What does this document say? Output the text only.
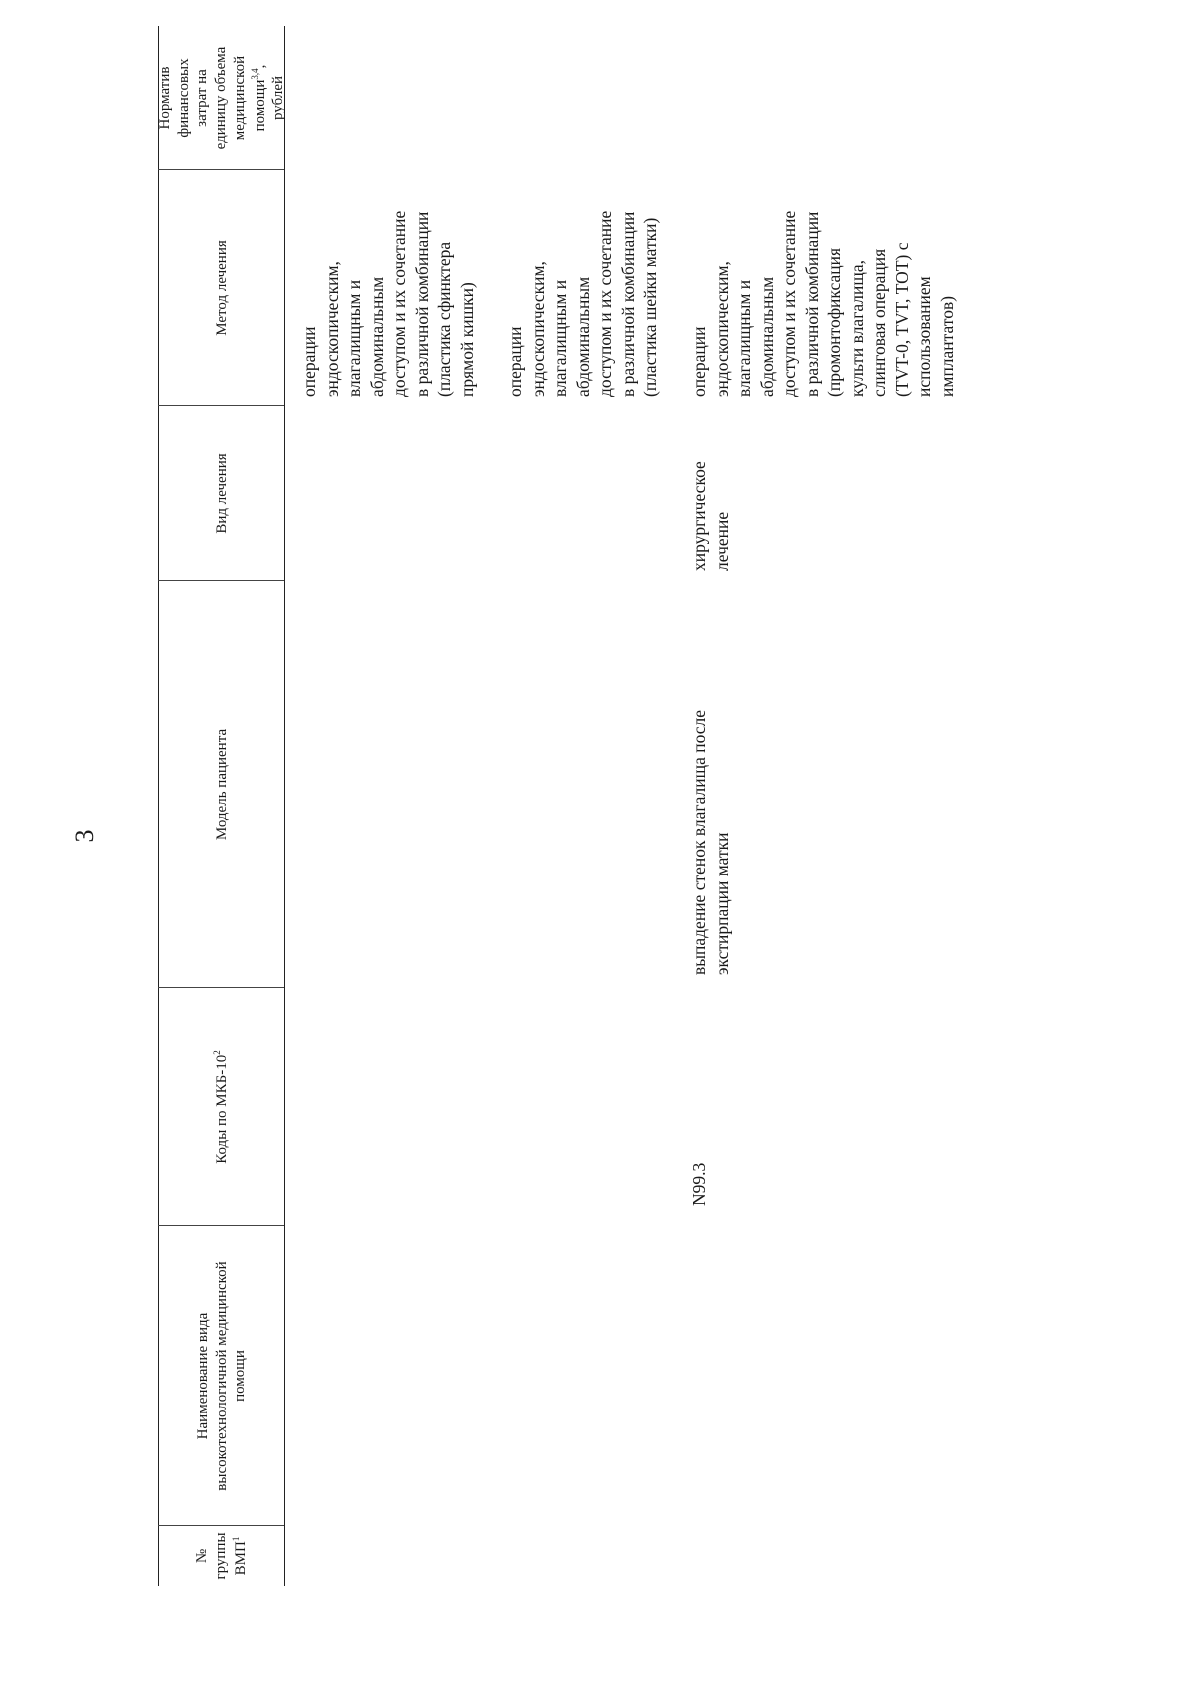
3
№ группы ВМП$^1$
Наименование вида высокотехнологичной медицинской помощи
Коды по МКБ-$10^2$
Модель пациента
Вид лечения
Метод лечения
Норматив финансовых затрат на единицу объема медицинской помощи$^{3,4}$,
рублей
операции эндоскопическим, влагалищным и абдоминальным доступом и их сочетание в различной комбинации (пластика сфинктера прямой кишки) операции эндоскопическим, влагалищным и абдоминальным доступом и их сочетание в различной комбинации (пластика шейки матки)
N99.3
выпадение стенок влагалища после экстирпации матки
хирургическое лечение
операции эндоскопическим, влагалищным и абдоминальным доступом и их сочетание в различной комбинации (промонтофиксация культи влагалища, слинговая операция (TVT-0, TVT, ТОТ) с использованием имплантатов)
